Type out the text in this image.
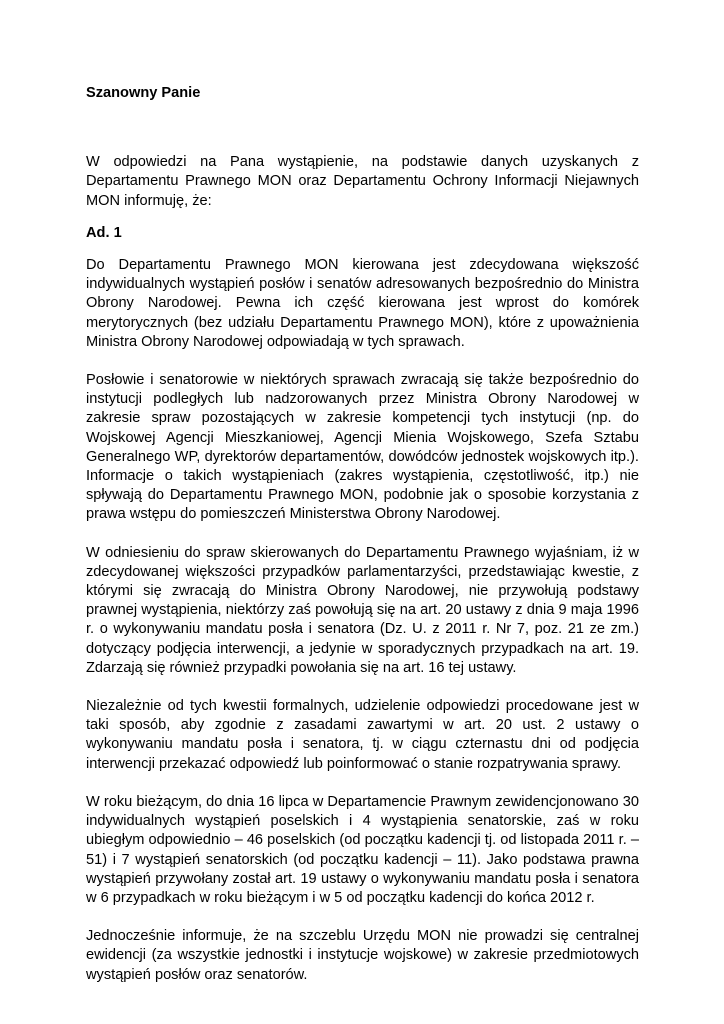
Szanowny Panie

W odpowiedzi na Pana wystąpienie, na podstawie danych uzyskanych z Departamentu Prawnego MON oraz Departamentu Ochrony Informacji Niejawnych MON informuję, że:

Ad. 1

Do Departamentu Prawnego MON kierowana jest zdecydowana większość indywidualnych wystąpień posłów i senatów adresowanych bezpośrednio do Ministra Obrony Narodowej. Pewna ich część kierowana jest wprost do komórek merytorycznych (bez udziału Departamentu Prawnego MON), które z upoważnienia Ministra Obrony Narodowej odpowiadają w tych sprawach.

Posłowie i senatorowie w niektórych sprawach zwracają się także bezpośrednio do instytucji podległych lub nadzorowanych przez Ministra Obrony Narodowej w zakresie spraw pozostających w zakresie kompetencji tych instytucji (np. do Wojskowej Agencji Mieszkaniowej, Agencji Mienia Wojskowego, Szefa Sztabu Generalnego WP, dyrektorów departamentów, dowódców jednostek wojskowych itp.). Informacje o takich wystąpieniach (zakres wystąpienia, częstotliwość, itp.) nie spływają do Departamentu Prawnego MON, podobnie jak o sposobie korzystania z prawa wstępu do pomieszczeń Ministerstwa Obrony Narodowej.

W odniesieniu do spraw skierowanych do Departamentu Prawnego wyjaśniam, iż w zdecydowanej większości przypadków parlamentarzyści, przedstawiając kwestie, z którymi się zwracają do Ministra Obrony Narodowej, nie przywołują podstawy prawnej wystąpienia, niektórzy zaś powołują się na art. 20 ustawy z dnia 9 maja 1996 r. o wykonywaniu mandatu posła i senatora (Dz. U. z 2011 r. Nr 7, poz. 21 ze zm.) dotyczący podjęcia interwencji, a jedynie w sporadycznych przypadkach na art. 19. Zdarzają się również przypadki powołania się na art. 16 tej ustawy.

Niezależnie od tych kwestii formalnych, udzielenie odpowiedzi procedowane jest w taki sposób, aby zgodnie z zasadami zawartymi w art. 20 ust. 2 ustawy o wykonywaniu mandatu posła i senatora, tj. w ciągu czternastu dni od podjęcia interwencji przekazać odpowiedź lub poinformować o stanie rozpatrywania sprawy.

W roku bieżącym, do dnia 16 lipca w Departamencie Prawnym zewidencjonowano 30 indywidualnych wystąpień poselskich i 4 wystąpienia senatorskie, zaś w roku ubiegłym odpowiednio – 46 poselskich (od początku kadencji tj. od listopada 2011 r. – 51) i 7 wystąpień senatorskich (od początku kadencji – 11). Jako podstawa prawna wystąpień przywołany został art. 19 ustawy o wykonywaniu mandatu posła i senatora w 6 przypadkach w roku bieżącym i w 5 od początku kadencji do końca 2012 r.

Jednocześnie informuje, że na szczeblu Urzędu MON nie prowadzi się centralnej ewidencji (za wszystkie jednostki i instytucje wojskowe) w zakresie przedmiotowych wystąpień posłów oraz senatorów.
